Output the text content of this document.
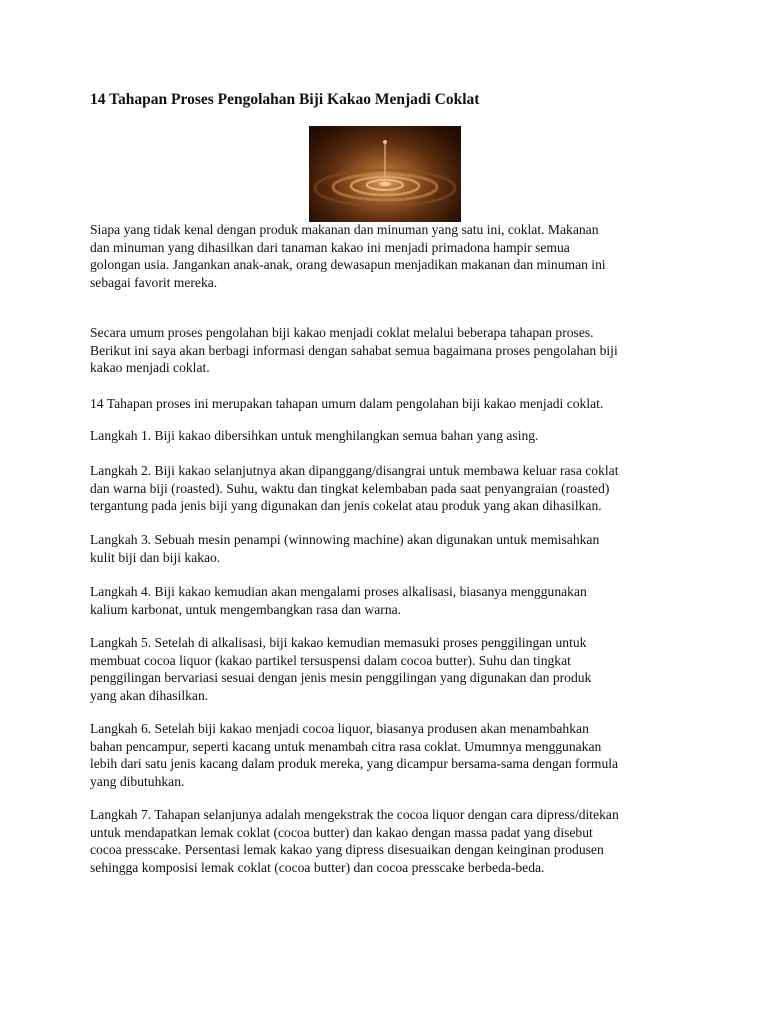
14 Tahapan Proses Pengolahan Biji Kakao Menjadi Coklat
Siapa yang tidak kenal dengan produk makanan dan minuman yang satu ini, coklat. Makanan
dan minuman yang dihasilkan dari tanaman kakao ini menjadi primadona hampir semua
golongan usia. Jangankan anak-anak, orang dewasapun menjadikan makanan dan minuman ini
sebagai favorit mereka.
Secara umum proses pengolahan biji kakao menjadi coklat melalui beberapa tahapan proses.
Berikut ini saya akan berbagi informasi dengan sahabat semua bagaimana proses pengolahan biji
kakao menjadi coklat.
14 Tahapan proses ini merupakan tahapan umum dalam pengolahan biji kakao menjadi coklat.
Langkah 1. Biji kakao dibersihkan untuk menghilangkan semua bahan yang asing.
Langkah 2. Biji kakao selanjutnya akan dipanggang/disangrai untuk membawa keluar rasa coklat
dan warna biji (roasted). Suhu, waktu dan tingkat kelembaban pada saat penyangraian (roasted)
tergantung pada jenis biji yang digunakan dan jenis cokelat atau produk yang akan dihasilkan.
Langkah 3. Sebuah mesin penampi (winnowing machine) akan digunakan untuk memisahkan
kulit biji dan biji kakao.
Langkah 4. Biji kakao kemudian akan mengalami proses alkalisasi, biasanya menggunakan
kalium karbonat, untuk mengembangkan rasa dan warna.
Langkah 5. Setelah di alkalisasi, biji kakao kemudian memasuki proses penggilingan untuk
membuat cocoa liquor (kakao partikel tersuspensi dalam cocoa butter). Suhu dan tingkat
penggilingan bervariasi sesuai dengan jenis mesin penggilingan yang digunakan dan produk
yang akan dihasilkan.
Langkah 6. Setelah biji kakao menjadi cocoa liquor, biasanya produsen akan menambahkan
bahan pencampur, seperti kacang untuk menambah citra rasa coklat. Umumnya menggunakan
lebih dari satu jenis kacang dalam produk mereka, yang dicampur bersama-sama dengan formula
yang dibutuhkan.
Langkah 7. Tahapan selanjunya adalah mengekstrak the cocoa liquor dengan cara dipress/ditekan
untuk mendapatkan lemak coklat (cocoa butter) dan kakao dengan massa padat yang disebut
cocoa presscake. Persentasi lemak kakao yang dipress disesuaikan dengan keinginan produsen
sehingga komposisi lemak coklat (cocoa butter) dan cocoa presscake berbeda-beda.
